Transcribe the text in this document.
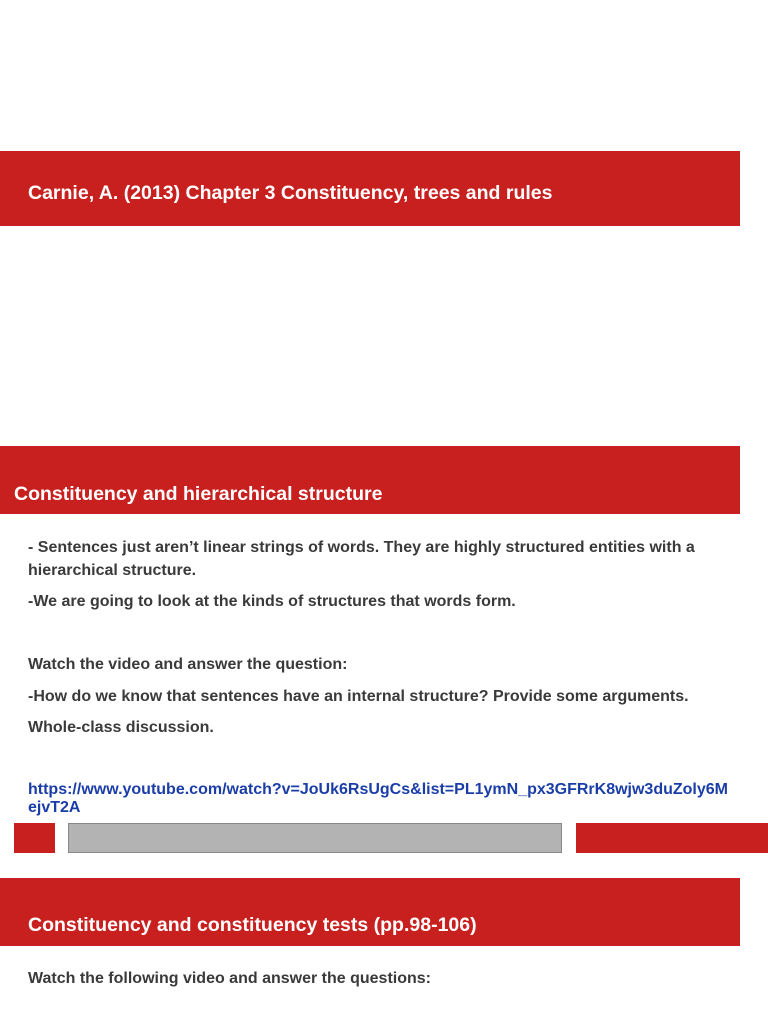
Carnie, A. (2013) Chapter 3 Constituency, trees and rules
Constituency and hierarchical structure

- Sentences just aren’t linear strings of words. They are highly structured entities with a hierarchical structure.

-We are going to look at the kinds of structures that words form.

Watch the video and answer the question:

-How do we know that sentences have an internal structure? Provide some arguments.

Whole-class discussion.

https://www.youtube.com/watch?v=JoUk6RsUgCs&list=PL1ymN_px3GFRrK8wjw3duZoly6MejvT2A
Constituency and constituency tests (pp.98-106)

Watch the following video and answer the questions:
